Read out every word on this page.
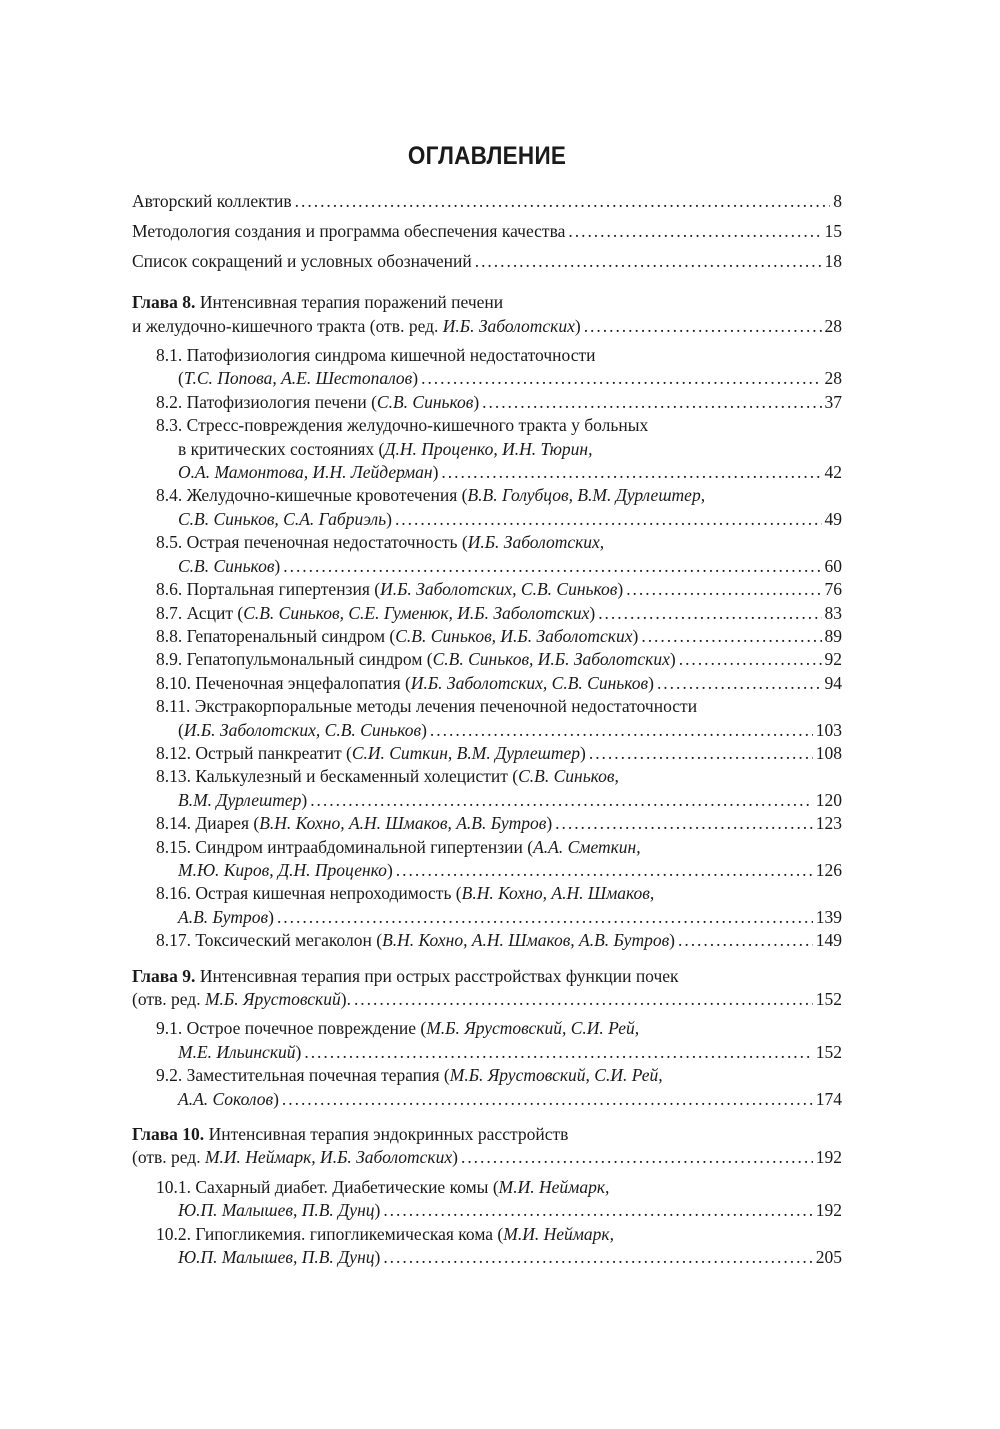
ОГЛАВЛЕНИЕ
Авторский коллектив . . .	8
Методология создания и программа обеспечения качества . . .	15
Список сокращений и условных обозначений . . .	18
Глава 8. Интенсивная терапия поражений печени
и желудочно-кишечного тракта (отв. ред. И.Б. Заболотских) . . .	28
8.1. Патофизиология синдрома кишечной недостаточности
(Т.С. Попова, А.Е. Шестопалов) . . .	28
8.2. Патофизиология печени (С.В. Синьков) . . .	37
8.3. Стресс-повреждения желудочно-кишечного тракта у больных
в критических состояниях (Д.Н. Проценко, И.Н. Тюрин,
О.А. Мамонтова, И.Н. Лейдерман) . . .	42
8.4. Желудочно-кишечные кровотечения (В.В. Голубцов, В.М. Дурлештер,
С.В. Синьков, С.А. Габриэль) . . .	49
8.5. Острая печеночная недостаточность (И.Б. Заболотских,
С.В. Синьков) . . .	60
8.6. Портальная гипертензия (И.Б. Заболотских, С.В. Синьков) . . .	76
8.7. Асцит (С.В. Синьков, С.Е. Гуменюк, И.Б. Заболотских) . . .	83
8.8. Гепаторенальный синдром (С.В. Синьков, И.Б. Заболотских) . . .	89
8.9. Гепатопульмональный синдром (С.В. Синьков, И.Б. Заболотских) . . .	92
8.10. Печеночная энцефалопатия (И.Б. Заболотских, С.В. Синьков) . . .	94
8.11. Экстракорпоральные методы лечения печеночной недостаточности
(И.Б. Заболотских, С.В. Синьков) . . .	103
8.12. Острый панкреатит (С.И. Ситкин, В.М. Дурлештер) . . .	108
8.13. Калькулезный и бескаменный холецистит (С.В. Синьков,
В.М. Дурлештер) . . .	120
8.14. Диарея (В.Н. Кохно, А.Н. Шмаков, А.В. Бутров) . . .	123
8.15. Синдром интраабдоминальной гипертензии (А.А. Сметкин,
М.Ю. Киров, Д.Н. Проценко) . . .	126
8.16. Острая кишечная непроходимость (В.Н. Кохно, А.Н. Шмаков,
А.В. Бутров) . . .	139
8.17. Токсический мегаколон (В.Н. Кохно, А.Н. Шмаков, А.В. Бутров) . . .	149
Глава 9. Интенсивная терапия при острых расстройствах функции почек
(отв. ред. М.Б. Ярустовский). . . .	152
9.1. Острое почечное повреждение (М.Б. Ярустовский, С.И. Рей,
М.Е. Ильинский) . . .	152
9.2. Заместительная почечная терапия (М.Б. Ярустовский, С.И. Рей,
А.А. Соколов) . . .	174
Глава 10. Интенсивная терапия эндокринных расстройств
(отв. ред. М.И. Неймарк, И.Б. Заболотских) . . .	192
10.1. Сахарный диабет. Диабетические комы (М.И. Неймарк,
Ю.П. Малышев, П.В. Дунц) . . .	192
10.2. Гипогликемия. гипогликемическая кома (М.И. Неймарк,
Ю.П. Малышев, П.В. Дунц) . . .	205
